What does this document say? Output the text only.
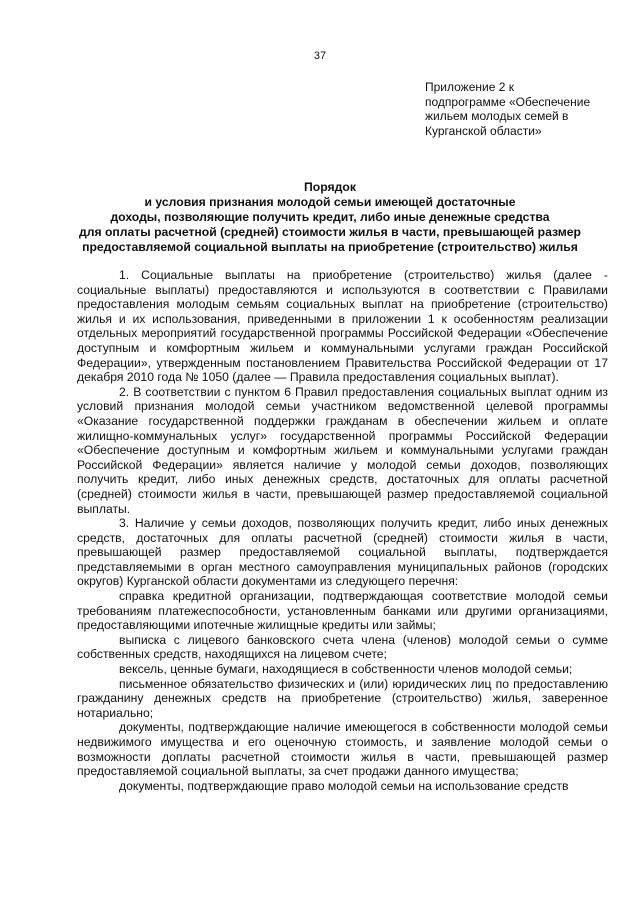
37
Приложение 2 к
подпрограмме «Обеспечение
жильем молодых семей в
Курганской области»
Порядок
и условия признания молодой семьи имеющей достаточные
доходы, позволяющие получить кредит, либо иные денежные средства
для оплаты расчетной (средней) стоимости жилья в части, превышающей размер
предоставляемой социальной выплаты на приобретение (строительство) жилья

1. Социальные выплаты на приобретение (строительство) жилья (далее - социальные выплаты) предоставляются и используются в соответствии с Правилами предоставления молодым семьям социальных выплат на приобретение (строительство) жилья и их использования, приведенными в приложении 1 к особенностям реализации отдельных мероприятий государственной программы Российской Федерации «Обеспечение доступным и комфортным жильем и коммунальными услугами граждан Российской Федерации», утвержденным постановлением Правительства Российской Федерации от 17 декабря 2010 года № 1050 (далее — Правила предоставления социальных выплат).

2. В соответствии с пунктом 6 Правил предоставления социальных выплат одним из условий признания молодой семьи участником ведомственной целевой программы «Оказание государственной поддержки гражданам в обеспечении жильем и оплате жилищно-коммунальных услуг» государственной программы Российской Федерации «Обеспечение доступным и комфортным жильем и коммунальными услугами граждан Российской Федерации» является наличие у молодой семьи доходов, позволяющих получить кредит, либо иных денежных средств, достаточных для оплаты расчетной (средней) стоимости жилья в части, превышающей размер предоставляемой социальной выплаты.

3. Наличие у семьи доходов, позволяющих получить кредит, либо иных денежных средств, достаточных для оплаты расчетной (средней) стоимости жилья в части, превышающей размер предоставляемой социальной выплаты, подтверждается представляемыми в орган местного самоуправления муниципальных районов (городских округов) Курганской области документами из следующего перечня:

справка кредитной организации, подтверждающая соответствие молодой семьи требованиям платежеспособности, установленным банками или другими организациями, предоставляющими ипотечные жилищные кредиты или займы;

выписка с лицевого банковского счета члена (членов) молодой семьи о сумме собственных средств, находящихся на лицевом счете;

вексель, ценные бумаги, находящиеся в собственности членов молодой семьи;

письменное обязательство физических и (или) юридических лиц по предоставлению гражданину денежных средств на приобретение (строительство) жилья, заверенное нотариально;

документы, подтверждающие наличие имеющегося в собственности молодой семьи недвижимого имущества и его оценочную стоимость, и заявление молодой семьи о возможности доплаты расчетной стоимости жилья в части, превышающей размер предоставляемой социальной выплаты, за счет продажи данного имущества;

документы, подтверждающие право молодой семьи на использование средств
